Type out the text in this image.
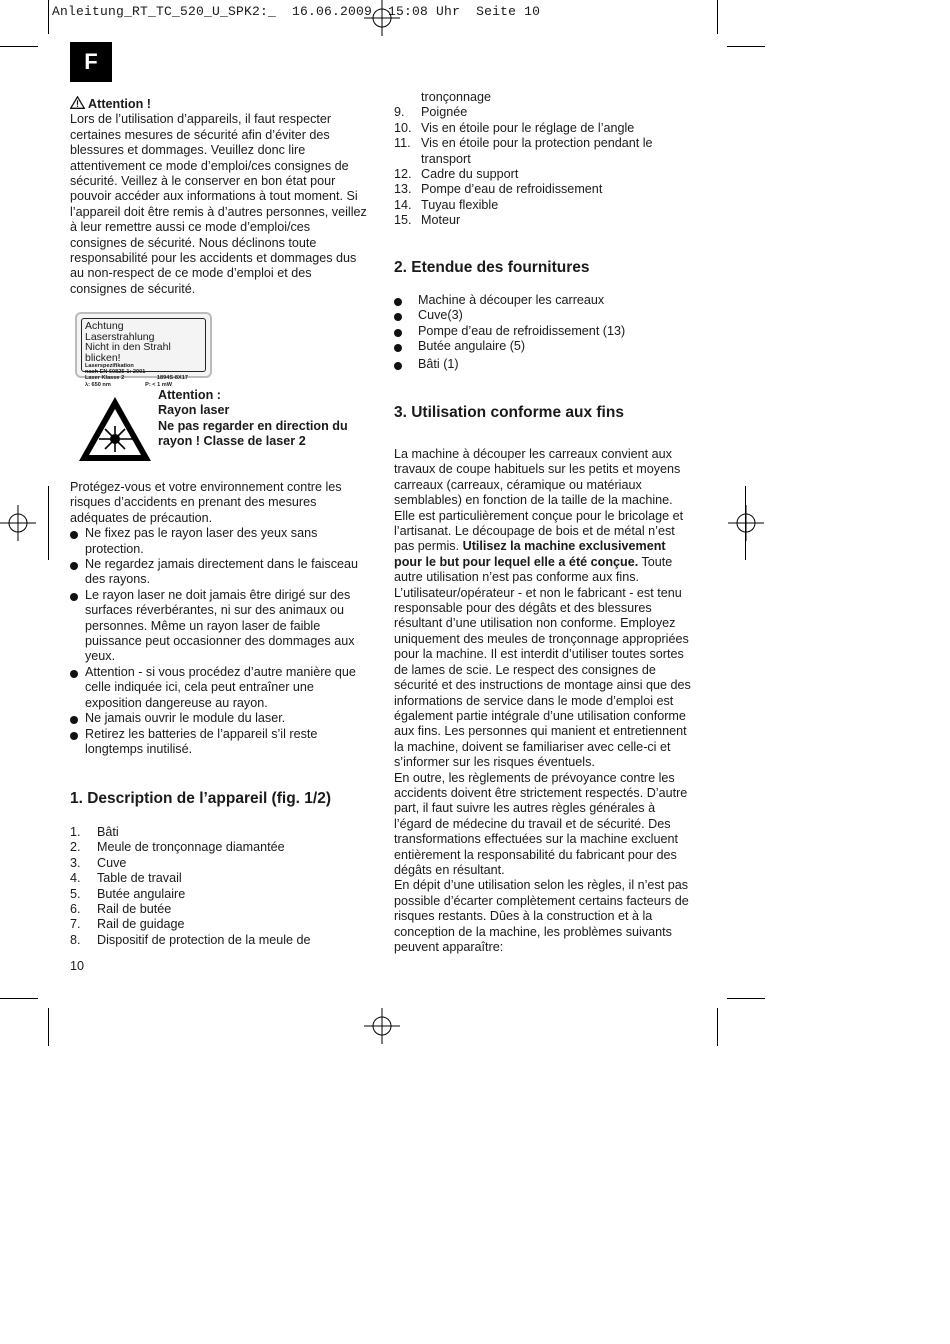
Anleitung_RT_TC_520_U_SPK2:_  16.06.2009  15:08 Uhr  Seite 10
F

Attention !

Lors de l’utilisation d’appareils, il faut respecter

certaines mesures de sécurité afin d’éviter des

blessures et dommages. Veuillez donc lire

attentivement ce mode d’emploi/ces consignes de

sécurité. Veillez à le conserver en bon état pour

pouvoir accéder aux informations à tout moment. Si

l’appareil doit être remis à d’autres personnes, veillez

à leur remettre aussi ce mode d’emploi/ces

consignes de sécurité. Nous déclinons toute

responsabilité pour les accidents et dommages dus

au non-respect de ce mode d’emploi et des

consignes de sécurité.

Achtung
Laserstrahlung
Nicht in den Strahl blicken!
Laserspezifikation
nach EN 60825-1: 2001
Laser Klasse 2	1894S-8X17
λ: 650 nm	P: < 1 mW

Attention :

Rayon laser

Ne pas regarder en direction du

rayon ! Classe de laser 2

Protégez-vous et votre environnement contre les

risques d’accidents en prenant des mesures

adéquates de précaution.

Ne fixez pas le rayon laser des yeux sans
protection.
Ne regardez jamais directement dans le faisceau
des rayons.
Le rayon laser ne doit jamais être dirigé sur des
surfaces réverbérantes, ni sur des animaux ou
personnes. Même un rayon laser de faible
puissance peut occasionner des dommages aux
yeux.
Attention - si vous procédez d’autre manière que
celle indiquée ici, cela peut entraîner une
exposition dangereuse au rayon.
Ne jamais ouvrir le module du laser.
Retirez les batteries de l’appareil s’il reste
longtemps inutilisé.

1. Description de l’appareil (fig. 1/2)

1.	Bâti
2.	Meule de tronçonnage diamantée
3.	Cuve
4.	Table de travail
5.	Butée angulaire
6.	Rail de butée
7.	Rail de guidage
8.	Dispositif de protection de la meule de
10

tronçonnage

9.	Poignée
10. Vis en étoile pour le réglage de l’angle
11. Vis en étoile pour la protection pendant le
transport
12. Cadre du support
13. Pompe d’eau de refroidissement
14. Tuyau flexible
15. Moteur

2. Etendue des fournitures

Machine à découper les carreaux
Cuve(3)
Pompe d’eau de refroidissement (13)
Butée angulaire (5)
Bâti (1)

3. Utilisation conforme aux fins

La machine à découper les carreaux convient aux

travaux de coupe habituels sur les petits et moyens

carreaux (carreaux, céramique ou matériaux

semblables) en fonction de la taille de la machine.

Elle est particulièrement conçue pour le bricolage et

l’artisanat. Le découpage de bois et de métal n’est

pas permis. Utilisez la machine exclusivement

pour le but pour lequel elle a été conçue. Toute

autre utilisation n’est pas conforme aux fins.

L’utilisateur/opérateur - et non le fabricant - est tenu

responsable pour des dégâts et des blessures

résultant d’une utilisation non conforme. Employez

uniquement des meules de tronçonnage appropriées

pour la machine. Il est interdit d’utiliser toutes sortes

de lames de scie. Le respect des consignes de

sécurité et des instructions de montage ainsi que des

informations de service dans le mode d’emploi est

également partie intégrale d’une utilisation conforme

aux fins. Les personnes qui manient et entretiennent

la machine, doivent se familiariser avec celle-ci et

s’informer sur les risques éventuels.

En outre, les règlements de prévoyance contre les

accidents doivent être strictement respectés. D’autre

part, il faut suivre les autres règles générales à

l’égard de médecine du travail et de sécurité. Des

transformations effectuées sur la machine excluent

entièrement la responsabilité du fabricant pour des

dégâts en résultant.

En dépit d’une utilisation selon les règles, il n’est pas

possible d’écarter complètement certains facteurs de

risques restants. Dûes à la construction et à la

conception de la machine, les problèmes suivants

peuvent apparaître:
